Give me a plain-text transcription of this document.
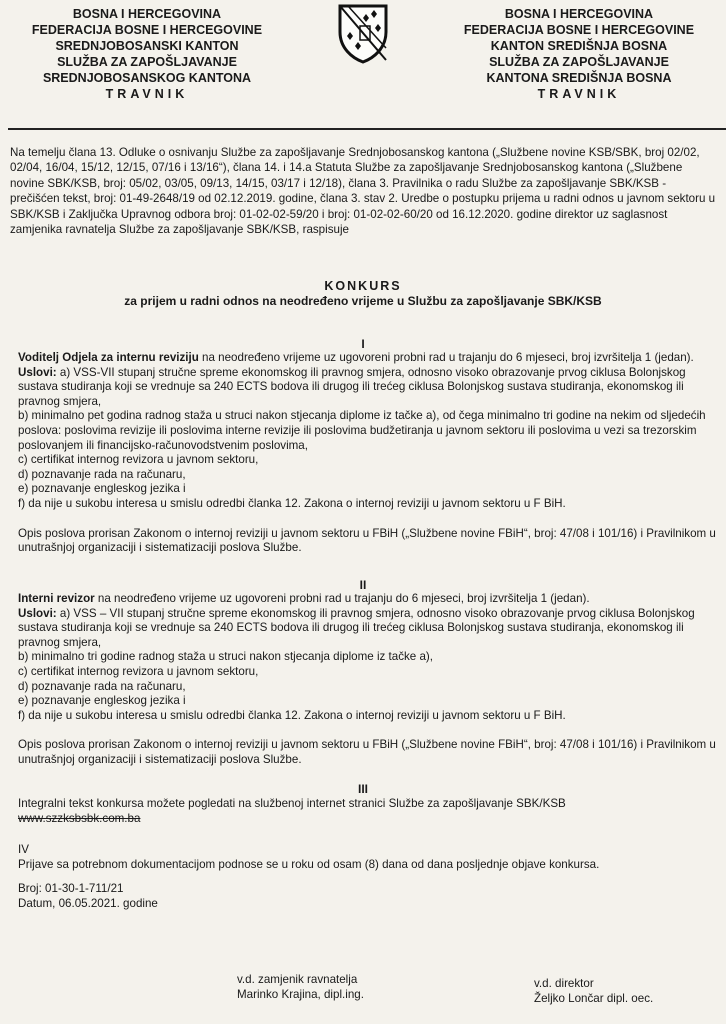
BOSNA I HERCEGOVINA
FEDERACIJA BOSNE I HERCEGOVINE
SREDNJOBOSANSKI KANTON
SLUŽBA ZA ZAPOŠLJAVANJE
SREDNJOBOSANSKOG KANTONA
TRAVNIK
BOSNA I HERCEGOVINA
FEDERACIJA BOSNE I HERCEGOVINE
KANTON SREDIŠNJA BOSNA
SLUŽBA ZA ZAPOŠLJAVANJE
KANTONA SREDIŠNJA BOSNA
TRAVNIK
Na temelju člana 13. Odluke o osnivanju Službe za zapošljavanje Srednjobosanskog kantona („Službene novine KSB/SBK, broj 02/02, 02/04, 16/04, 15/12, 12/15, 07/16 i 13/16“), člana 14. i 14.a Statuta Službe za zapošljavanje Srednjobosanskog kantona („Službene novine SBK/KSB, broj: 05/02, 03/05, 09/13, 14/15, 03/17 i 12/18), člana 3. Pravilnika o radu Službe za zapošljavanje SBK/KSB - prečišćen tekst, broj: 01-49-2648/19 od 02.12.2019. godine, člana 3. stav 2. Uredbe o postupku prijema u radni odnos u javnom sektoru u SBK/KSB i Zaključka Upravnog odbora broj: 01-02-02-59/20 i broj: 01-02-02-60/20 od 16.12.2020. godine direktor uz saglasnost zamjenika ravnatelja Službe za zapošljavanje SBK/KSB, raspisuje
KONKURS
za prijem u radni odnos na neodređeno vrijeme u Službu za zapošljavanje SBK/KSB
I

Voditelj Odjela za internu reviziju na neodređeno vrijeme uz ugovoreni probni rad u trajanju do 6 mjeseci, broj izvršitelja 1 (jedan).

Uslovi: a) VSS-VII stupanj stručne spreme ekonomskog ili pravnog smjera, odnosno visoko obrazovanje prvog ciklusa Bolonjskog sustava studiranja koji se vrednuje sa 240 ECTS bodova ili drugog ili trećeg ciklusa Bolonjskog sustava studiranja, ekonomskog ili pravnog smjera,

b) minimalno pet godina radnog staža u struci nakon stjecanja diplome iz tačke a), od čega minimalno tri godine na nekim od sljedećih poslova: poslovima revizije ili poslovima interne revizije ili poslovima budžetiranja u javnom sektoru ili poslovima u vezi sa trezorskim poslovanjem ili financijsko-računovodstvenim poslovima,

c) certifikat internog revizora u javnom sektoru,

d) poznavanje rada na računaru,

e) poznavanje engleskog jezika i

f) da nije u sukobu interesa u smislu odredbi članka 12. Zakona o internoj reviziji u javnom sektoru u F BiH.

Opis poslova prorisan Zakonom o internoj reviziji u javnom sektoru u FBiH („Službene novine FBiH“, broj: 47/08 i 101/16) i Pravilnikom u unutrašnjoj organizaciji i sistematizaciji poslova Službe.

II

Interni revizor na neodređeno vrijeme uz ugovoreni probni rad u trajanju do 6 mjeseci, broj izvršitelja 1 (jedan).

Uslovi: a) VSS – VII stupanj stručne spreme ekonomskog ili pravnog smjera, odnosno visoko obrazovanje prvog ciklusa Bolonjskog sustava studiranja koji se vrednuje sa 240 ECTS bodova ili drugog ili trećeg ciklusa Bolonjskog sustava studiranja, ekonomskog ili pravnog smjera,

b) minimalno tri godine radnog staža u struci nakon stjecanja diplome iz tačke a),

c) certifikat internog revizora u javnom sektoru,

d) poznavanje rada na računaru,

e) poznavanje engleskog jezika i

f) da nije u sukobu interesa u smislu odredbi članka 12. Zakona o internoj reviziji u javnom sektoru u F BiH.

Opis poslova prorisan Zakonom o internoj reviziji u javnom sektoru u FBiH („Službene novine FBiH“, broj: 47/08 i 101/16) i Pravilnikom u unutrašnjoj organizaciji i sistematizaciji poslova Službe.

III

Integralni tekst konkursa možete pogledati na službenoj internet stranici Službe za zapošljavanje SBK/KSB

www.szzksbsbk.com.ba

IV

Prijave sa potrebnom dokumentacijom podnose se u roku od osam (8) dana od dana posljednje objave konkursa.

Broj: 01-30-1-711/21

Datum, 06.05.2021. godine

v.d. zamjenik ravnatelja
Marinko Krajina, dipl.ing.
v.d. direktor
Željko Lončar dipl. oec.
